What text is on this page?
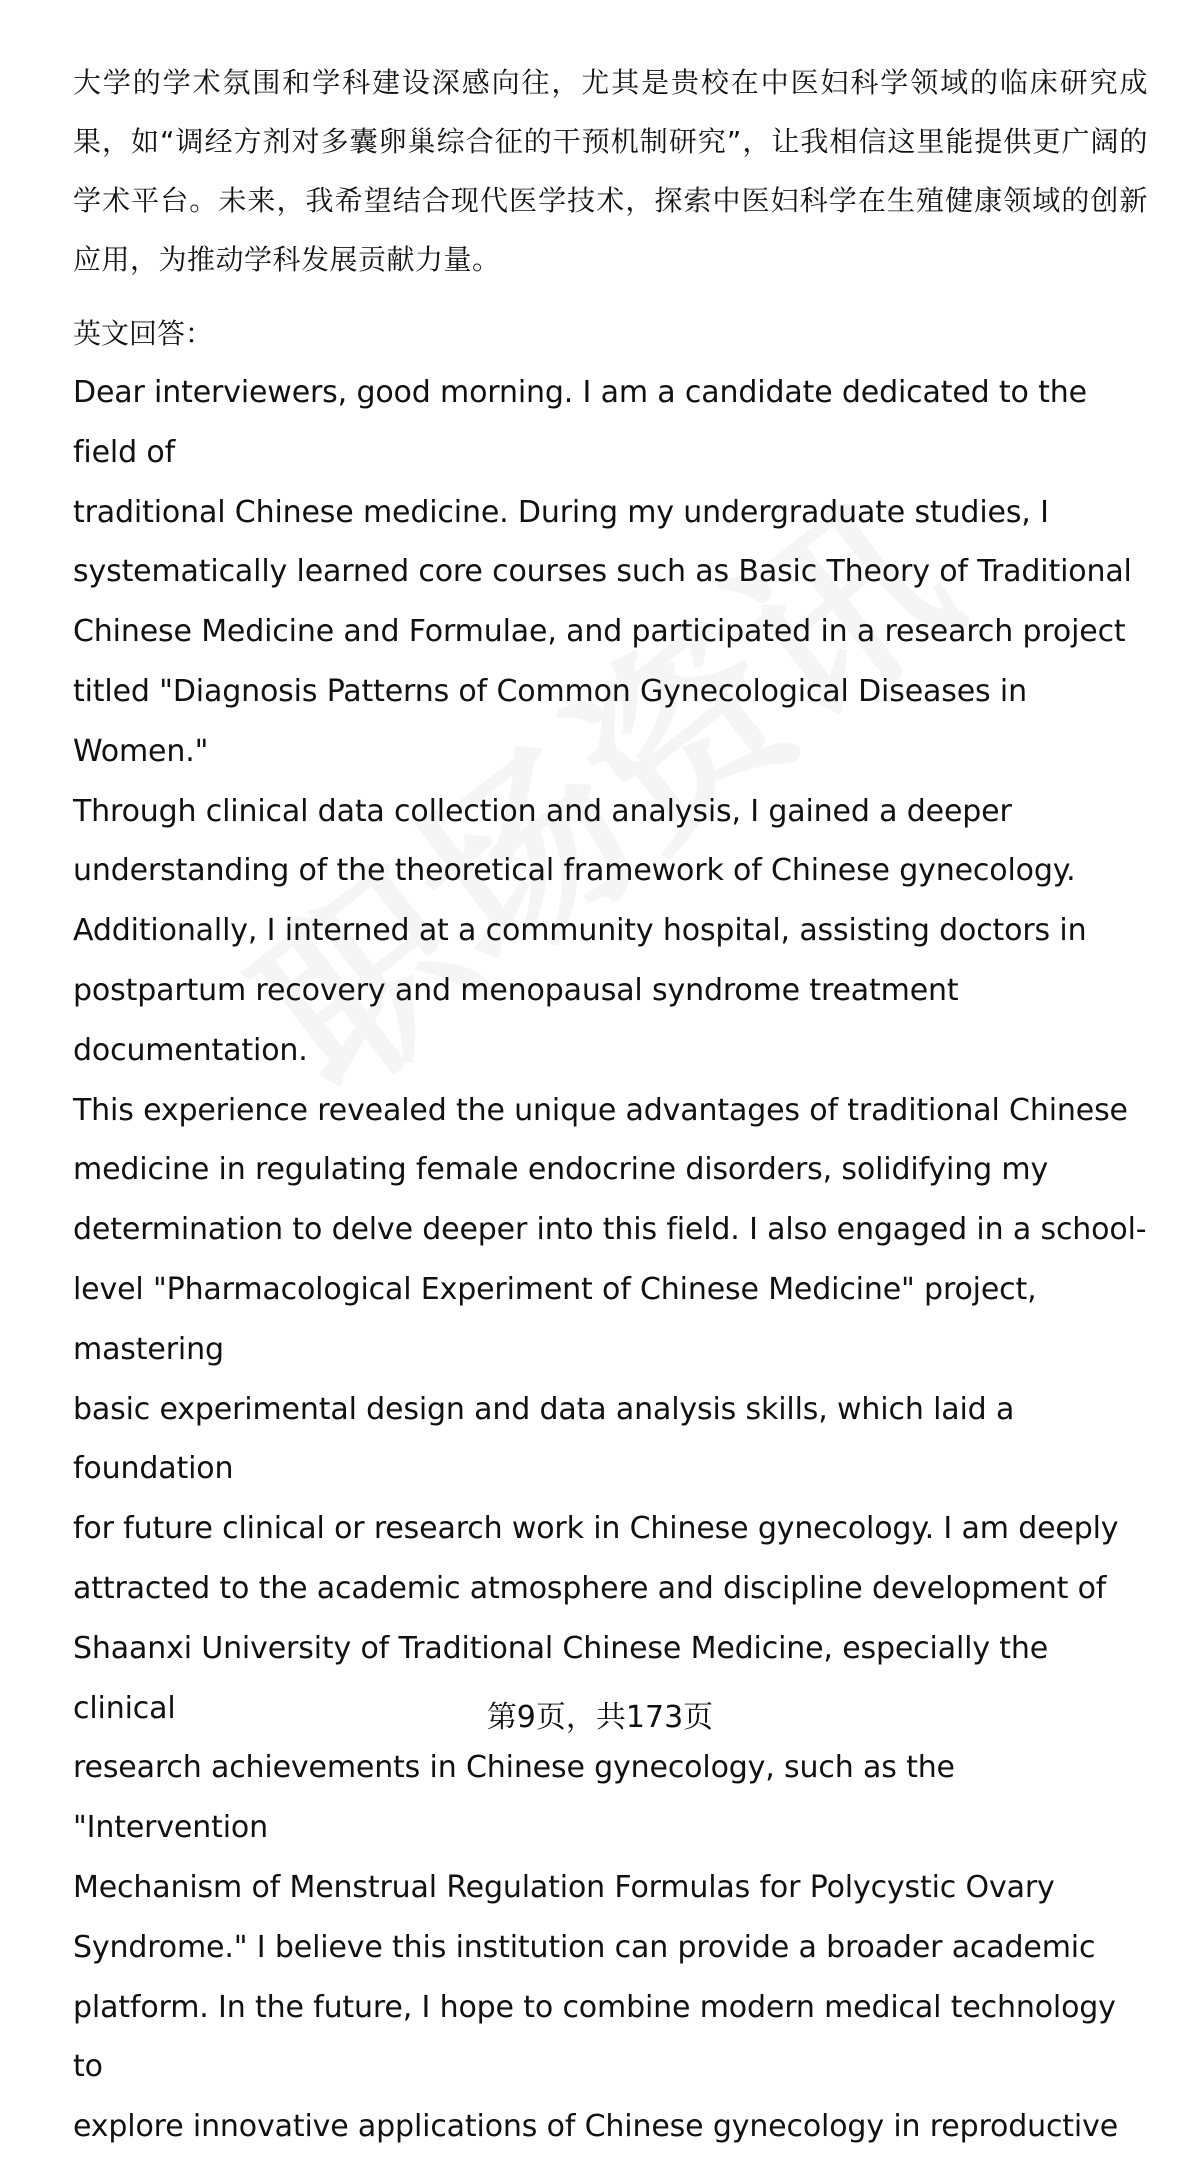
大学的学术氛围和学科建设深感向往，尤其是贵校在中医妇科学领域的临床研究成果，如“调经方剂对多囊卵巢综合征的干预机制研究”，让我相信这里能提供更广阔的学术平台。未来，我希望结合现代医学技术，探索中医妇科学在生殖健康领域的创新应用，为推动学科发展贡献力量。

英文回答：
Dear interviewers, good morning. I am a candidate dedicated to the field of
traditional Chinese medicine. During my undergraduate studies, I
systematically learned core courses such as Basic Theory of Traditional
Chinese Medicine and Formulae, and participated in a research project
titled "Diagnosis Patterns of Common Gynecological Diseases in Women."
Through clinical data collection and analysis, I gained a deeper
understanding of the theoretical framework of Chinese gynecology.
Additionally, I interned at a community hospital, assisting doctors in
postpartum recovery and menopausal syndrome treatment documentation.
This experience revealed the unique advantages of traditional Chinese
medicine in regulating female endocrine disorders, solidifying my
determination to delve deeper into this field. I also engaged in a school-
level "Pharmacological Experiment of Chinese Medicine" project, mastering
basic experimental design and data analysis skills, which laid a foundation
for future clinical or research work in Chinese gynecology. I am deeply
attracted to the academic atmosphere and discipline development of
Shaanxi University of Traditional Chinese Medicine, especially the clinical
research achievements in Chinese gynecology, such as the "Intervention
Mechanism of Menstrual Regulation Formulas for Polycystic Ovary
Syndrome." I believe this institution can provide a broader academic
platform. In the future, I hope to combine modern medical technology to
explore innovative applications of Chinese gynecology in reproductive
第9页，共173页
